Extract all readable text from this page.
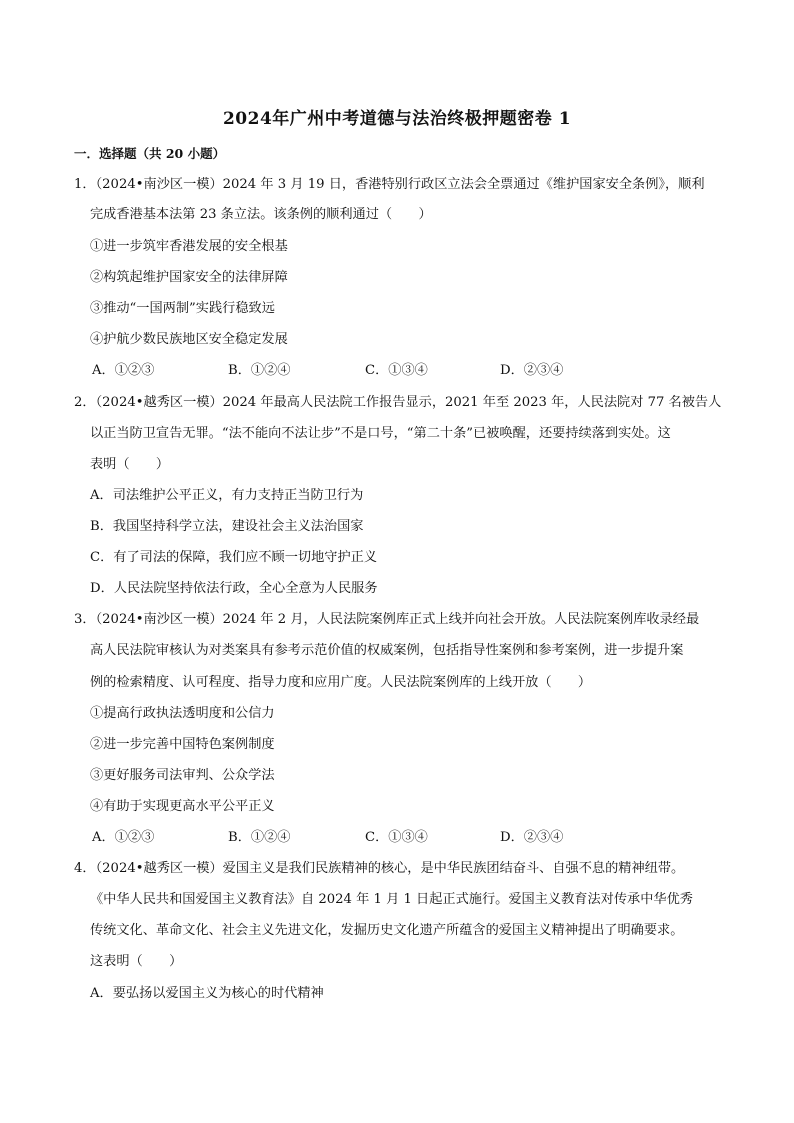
2024年广州中考道德与法治终极押题密卷 1
一．选择题（共 20 小题）
1．（2024•南沙区一模）2024 年 3 月 19 日，香港特别行政区立法会全票通过《维护国家安全条例》，顺利
完成香港基本法第 23 条立法。该条例的顺利通过（　　）
①进一步筑牢香港发展的安全根基
②构筑起维护国家安全的法律屏障
③推动“一国两制”实践行稳致远
④护航少数民族地区安全稳定发展
A．①②③	B．①②④	C．①③④	D．②③④
2．（2024•越秀区一模）2024 年最高人民法院工作报告显示，2021 年至 2023 年，人民法院对 77 名被告人
以正当防卫宣告无罪。“法不能向不法让步”不是口号，“第二十条”已被唤醒，还要持续落到实处。这
表明（　　）
A．司法维护公平正义，有力支持正当防卫行为
B．我国坚持科学立法，建设社会主义法治国家
C．有了司法的保障，我们应不顾一切地守护正义
D．人民法院坚持依法行政，全心全意为人民服务
3．（2024•南沙区一模）2024 年 2 月，人民法院案例库正式上线并向社会开放。人民法院案例库收录经最
高人民法院审核认为对类案具有参考示范价值的权威案例，包括指导性案例和参考案例，进一步提升案
例的检索精度、认可程度、指导力度和应用广度。人民法院案例库的上线开放（　　）
①提高行政执法透明度和公信力
②进一步完善中国特色案例制度
③更好服务司法审判、公众学法
④有助于实现更高水平公平正义
A．①②③	B．①②④	C．①③④	D．②③④
4．（2024•越秀区一模）爱国主义是我们民族精神的核心，是中华民族团结奋斗、自强不息的精神纽带。
《中华人民共和国爱国主义教育法》自 2024 年 1 月 1 日起正式施行。爱国主义教育法对传承中华优秀
传统文化、革命文化、社会主义先进文化，发掘历史文化遗产所蕴含的爱国主义精神提出了明确要求。
这表明（　　）
A．要弘扬以爱国主义为核心的时代精神
